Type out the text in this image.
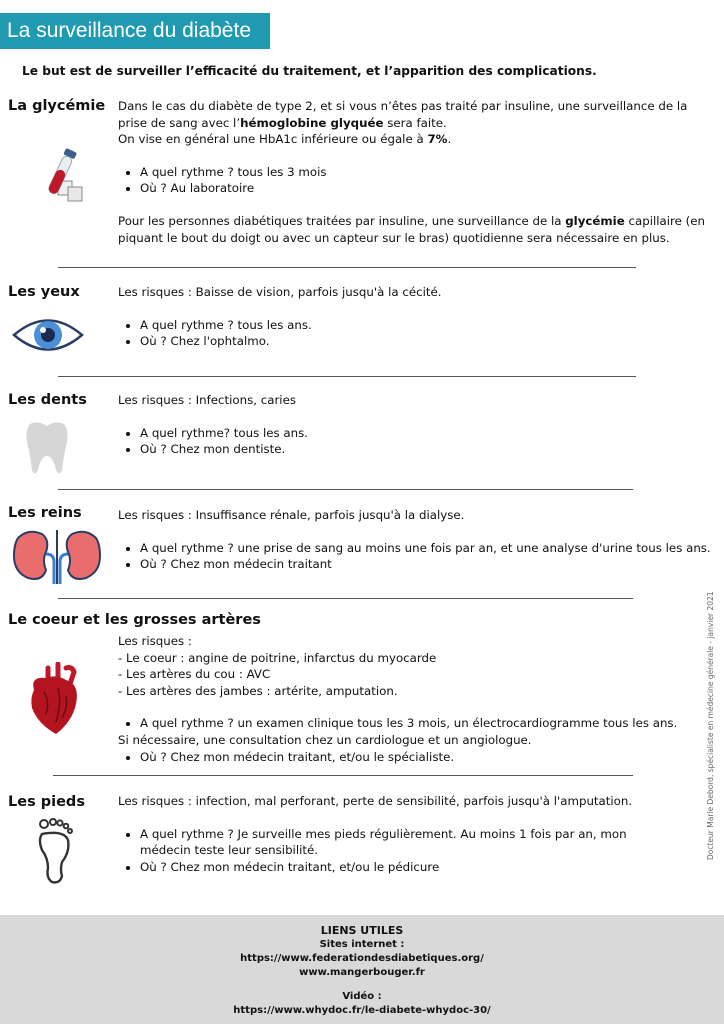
La surveillance du diabète
Le but est de surveiller l’efficacité du traitement, et l’apparition des complications.
La glycémie Dans le cas du diabète de type 2, et si vous n’êtes pas traité par insuline, une surveillance de la prise de sang avec l’hémoglobine glyquée sera faite.

On vise en général une HbA1c inférieure ou égale à 7%.

• A quel rythme ? tous les 3 mois
• Où ? Au laboratoire

Pour les personnes diabétiques traitées par insuline, une surveillance de la glycémie capillaire (en piquant le bout du doigt ou avec un capteur sur le bras) quotidienne sera nécessaire en plus.

Les yeux	Les risques : Baisse de vision, parfois jusqu'à la cécité.

• A quel rythme ? tous les ans.
• Où ? Chez l'ophtalmo.
Les dents	Les risques : Infections, caries

• A quel rythme? tous les ans.
• Où ? Chez mon dentiste.
Les reins	Les risques : Insuffisance rénale, parfois jusqu'à la dialyse.

• A quel rythme ? une prise de sang au moins une fois par an, et une analyse d'urine tous les ans.
• Où ? Chez mon médecin traitant
Le coeur et les grosses artères

Les risques :

- Le coeur : angine de poitrine, infarctus du myocarde

- Les artères du cou : AVC

- Les artères des jambes : artérite, amputation.

• A quel rythme ? un examen clinique tous les 3 mois, un électrocardiogramme tous les ans.

Si nécessaire, une consultation chez un cardiologue et un angiologue.

• Où ? Chez mon médecin traitant, et/ou le spécialiste.
Les pieds	Les risques : infection, mal perforant, perte de sensibilité, parfois jusqu'à l'amputation.

• A quel rythme ? Je surveille mes pieds régulièrement. Au moins 1 fois par an, mon médecin teste leur sensibilité.
• Où ? Chez mon médecin traitant, et/ou le pédicure
Docteur Marie Debord, spécialiste en médecine générale - janvier 2021
LIENS UTILES
Sites internet :
https://www.federationdesdiabetiques.org/
www.mangerbouger.fr
Vidéo :
https://www.whydoc.fr/le-diabete-whydoc-30/
